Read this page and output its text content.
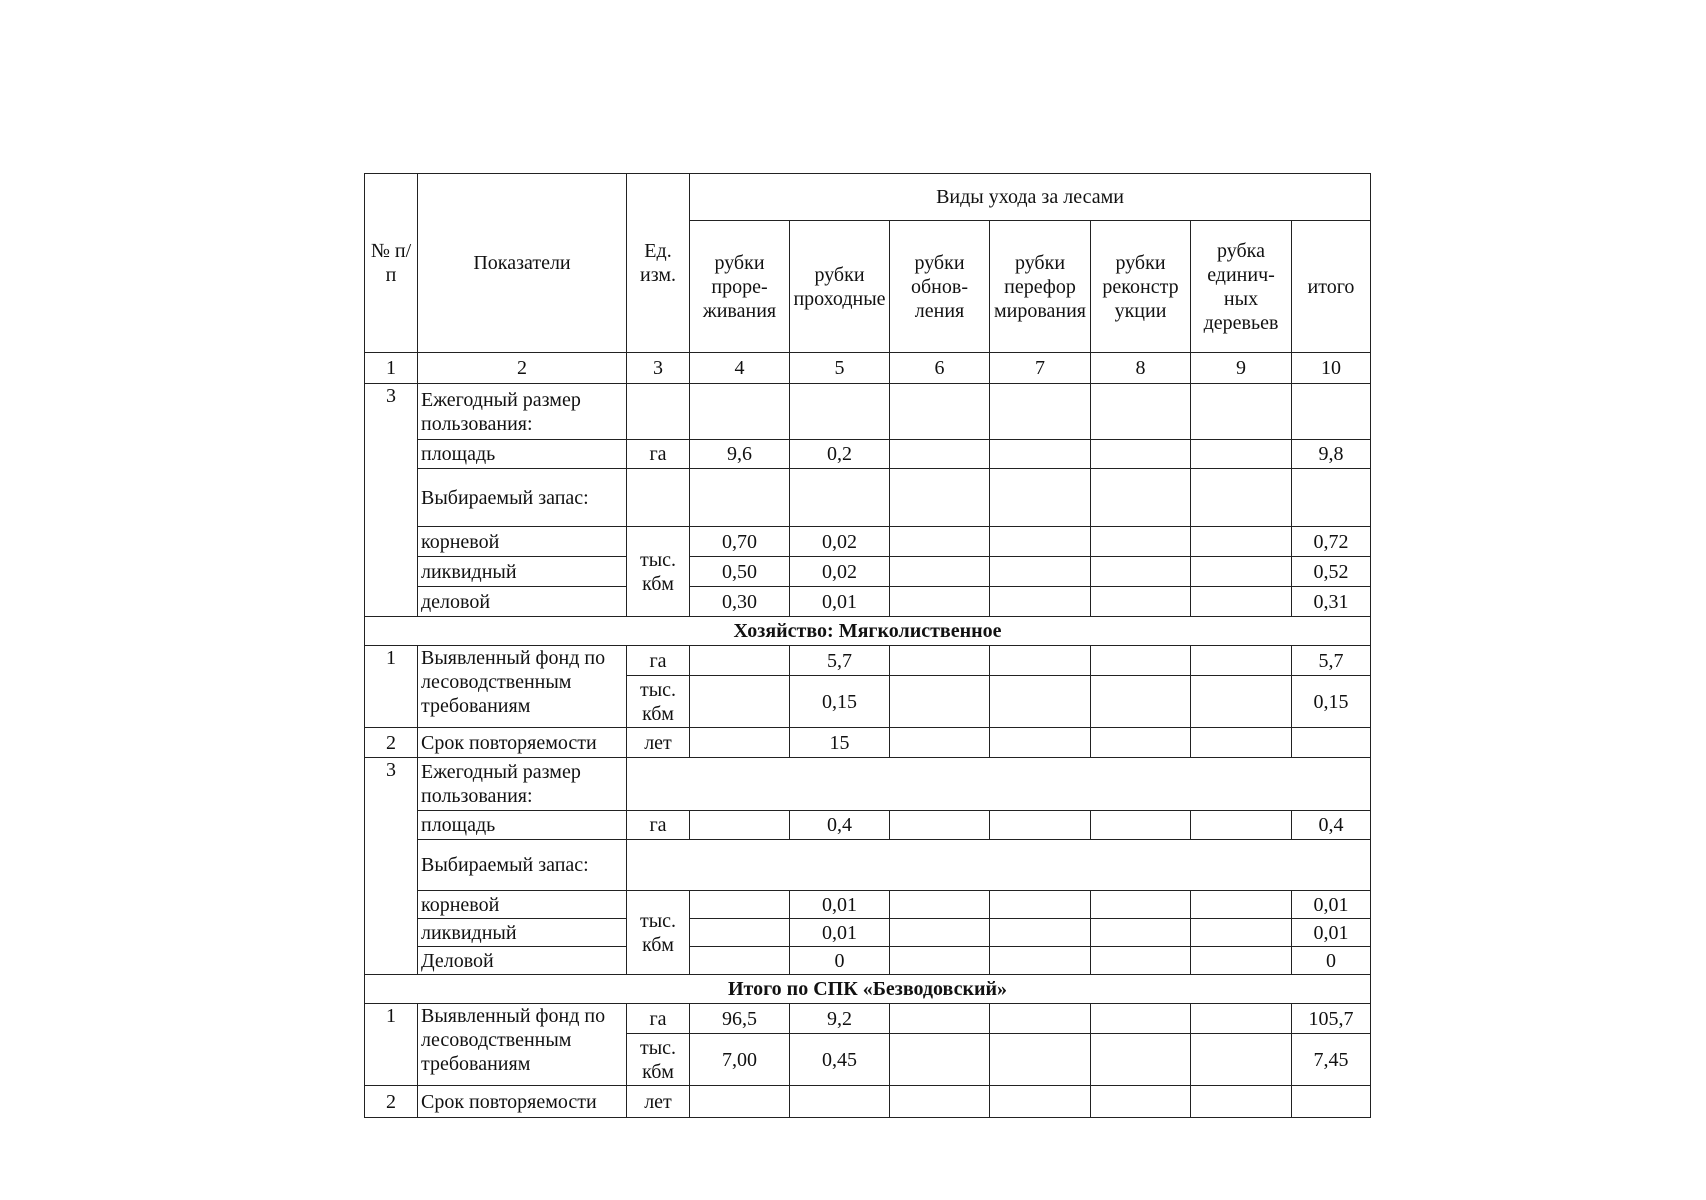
№ п/п	Показатели	Ед. изм.	Виды ухода за лесами						
			рубки проре-живания	рубки проходные	рубки обнов-ления	рубки перефор мирования	рубки реконстр укции	рубка единич-ных деревьев	итого
1	2	3	4	5	6	7	8	9	10
3	Ежегодный размер пользования:								
	площадь	га	9,6	0,2					9,8
	Выбираемый запас:								
	корневой	тыс. кбм	0,70	0,02					0,72
	ликвидный		0,50	0,02					0,52
	деловой		0,30	0,01					0,31
Хозяйство: Мягколиственное									
1	Выявленный фонд по лесоводственным требованиям	га		5,7					5,7
		тыс. кбм		0,15					0,15
2	Срок повторяемости	лет		15					
3	Ежегодный размер пользования:								
	площадь	га		0,4					0,4
	Выбираемый запас:								
	корневой	тыс. кбм		0,01					0,01
	ликвидный			0,01					0,01
	Деловой			0					0
Итого по СПК «Безводовский»									
1	Выявленный фонд по лесоводственным требованиям	га	96,5	9,2					105,7
		тыс. кбм	7,00	0,45					7,45
2	Срок повторяемости	лет							
